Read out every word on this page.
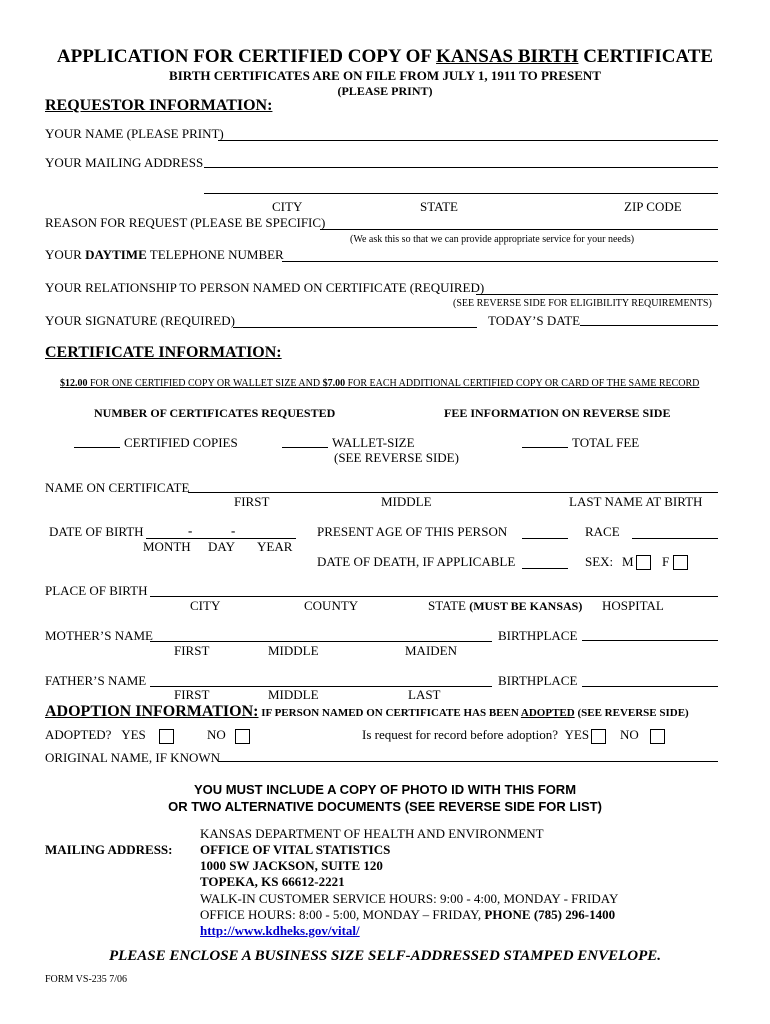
APPLICATION FOR CERTIFIED COPY OF KANSAS BIRTH CERTIFICATE
BIRTH CERTIFICATES ARE ON FILE FROM JULY 1, 1911 TO PRESENT
(PLEASE PRINT)
REQUESTOR INFORMATION:
YOUR NAME (PLEASE PRINT)
YOUR MAILING ADDRESS
CITY	STATE	ZIP CODE
REASON FOR REQUEST (PLEASE BE SPECIFIC)
(We ask this so that we can provide appropriate service for your needs)
YOUR DAYTIME TELEPHONE NUMBER
YOUR RELATIONSHIP TO PERSON NAMED ON CERTIFICATE (REQUIRED)
(SEE REVERSE SIDE FOR ELIGIBILITY REQUIREMENTS)
YOUR SIGNATURE (REQUIRED)	TODAY’S DATE
CERTIFICATE INFORMATION:
$12.00 FOR ONE CERTIFIED COPY OR WALLET SIZE AND $7.00 FOR EACH ADDITIONAL CERTIFIED COPY OR CARD OF THE SAME RECORD
NUMBER OF CERTIFICATES REQUESTED	FEE INFORMATION ON REVERSE SIDE
CERTIFIED COPIES	WALLET-SIZE
(SEE REVERSE SIDE)
TOTAL FEE
NAME ON CERTIFICATE
FIRST	MIDDLE	LAST NAME AT BIRTH
DATE OF BIRTH	-	-
MONTH DAY YEAR
PRESENT AGE OF THIS PERSON	RACE
DATE OF DEATH, IF APPLICABLE	SEX: M F
PLACE OF BIRTH
CITY	COUNTY	STATE (MUST BE KANSAS) HOSPITAL
MOTHER’S NAME	BIRTHPLACE
FIRST	MIDDLE	MAIDEN
FATHER’S NAME	BIRTHPLACE
FIRST	MIDDLE	LAST
ADOPTION INFORMATION: IF PERSON NAMED ON CERTIFICATE HAS BEEN ADOPTED (SEE REVERSE SIDE)
ADOPTED? YES	NO	Is request for record before adoption? YES NO
ORIGINAL NAME, IF KNOWN
YOU MUST INCLUDE A COPY OF PHOTO ID WITH THIS FORM
OR TWO ALTERNATIVE DOCUMENTS (SEE REVERSE SIDE FOR LIST)
MAILING ADDRESS:
KANSAS DEPARTMENT OF HEALTH AND ENVIRONMENT
OFFICE OF VITAL STATISTICS
1000 SW JACKSON, SUITE 120
TOPEKA, KS 66612-2221
WALK-IN CUSTOMER SERVICE HOURS: 9:00 - 4:00, MONDAY - FRIDAY
OFFICE HOURS: 8:00 - 5:00, MONDAY – FRIDAY, PHONE (785) 296-1400
http://www.kdheks.gov/vital/
PLEASE ENCLOSE A BUSINESS SIZE SELF-ADDRESSED STAMPED ENVELOPE.
FORM VS-235 7/06
